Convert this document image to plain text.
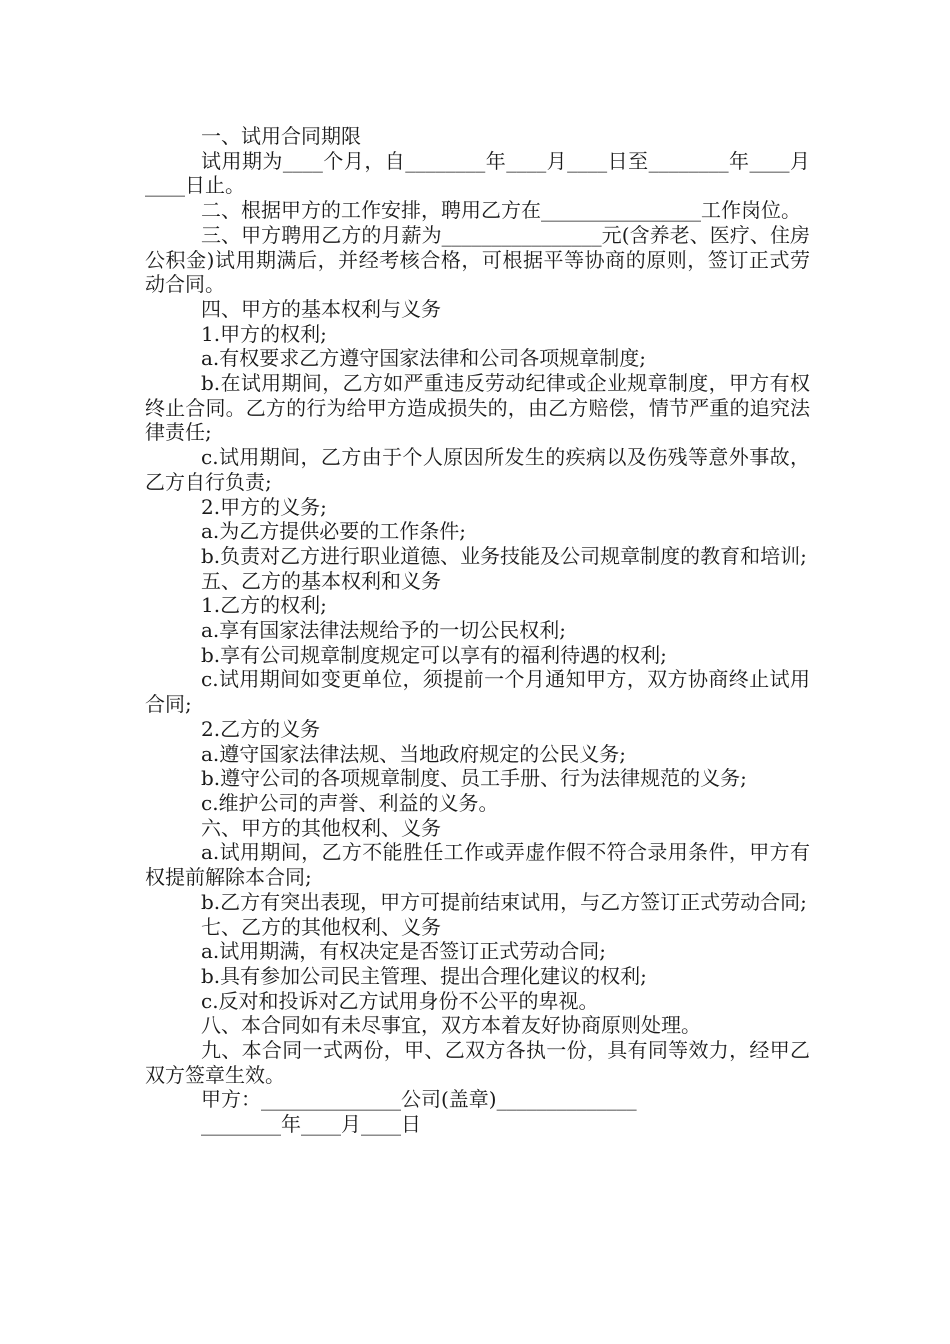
一、试用合同期限

试用期为____个月，自________年____月____日至________年____月____日止。

二、根据甲方的工作安排，聘用乙方在________________工作岗位。

三、甲方聘用乙方的月薪为________________元(含养老、医疗、住房公积金)试用期满后，并经考核合格，可根据平等协商的原则，签订正式劳动合同。

四、甲方的基本权利与义务

1.甲方的权利;

a.有权要求乙方遵守国家法律和公司各项规章制度;

b.在试用期间，乙方如严重违反劳动纪律或企业规章制度，甲方有权终止合同。乙方的行为给甲方造成损失的，由乙方赔偿，情节严重的追究法律责任;

c.试用期间，乙方由于个人原因所发生的疾病以及伤残等意外事故，乙方自行负责;

2.甲方的义务;

a.为乙方提供必要的工作条件;

b.负责对乙方进行职业道德、业务技能及公司规章制度的教育和培训;

五、乙方的基本权利和义务

1.乙方的权利;

a.享有国家法律法规给予的一切公民权利;

b.享有公司规章制度规定可以享有的福利待遇的权利;

c.试用期间如变更单位，须提前一个月通知甲方，双方协商终止试用合同;

2.乙方的义务

a.遵守国家法律法规、当地政府规定的公民义务;

b.遵守公司的各项规章制度、员工手册、行为法律规范的义务;

c.维护公司的声誉、利益的义务。

六、甲方的其他权利、义务

a.试用期间，乙方不能胜任工作或弄虚作假不符合录用条件，甲方有权提前解除本合同;

b.乙方有突出表现，甲方可提前结束试用，与乙方签订正式劳动合同;

七、乙方的其他权利、义务

a.试用期满，有权决定是否签订正式劳动合同;

b.具有参加公司民主管理、提出合理化建议的权利;

c.反对和投诉对乙方试用身份不公平的卑视。

八、本合同如有未尽事宜，双方本着友好协商原则处理。

九、本合同一式两份，甲、乙双方各执一份，具有同等效力，经甲乙双方签章生效。

甲方：______________公司(盖章)______________

________年____月____日
